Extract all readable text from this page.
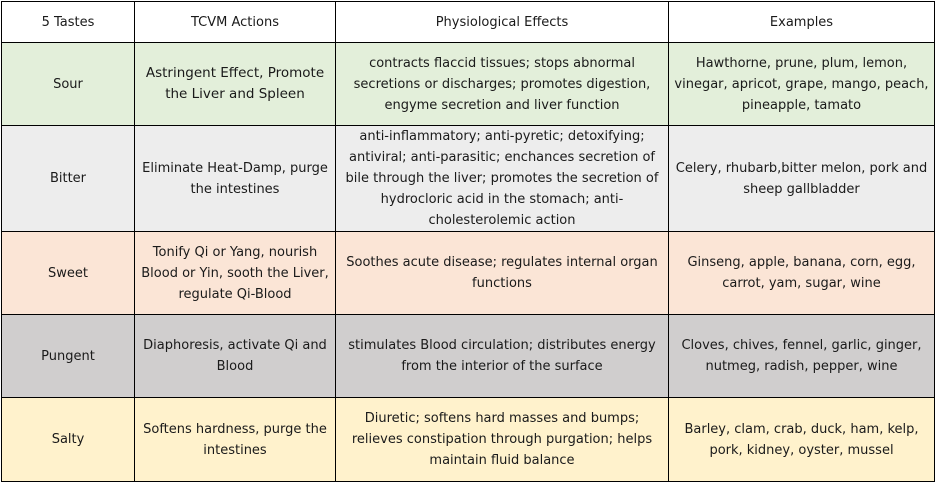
5 Tastes	TCVM Actions	Physiological Effects	Examples
Sour	Astringent Effect, Promote the Liver and Spleen	contracts flaccid tissues; stops abnormal secretions or discharges; promotes digestion, engyme secretion and liver function	Hawthorne, prune, plum, lemon, vinegar, apricot, grape, mango, peach, pineapple, tamato
Bitter	Eliminate Heat-Damp, purge the intestines	anti-inflammatory; anti-pyretic; detoxifying; antiviral; anti-parasitic; enchances secretion of bile through the liver; promotes the secretion of hydrocloric acid in the stomach; anti-cholesterolemic action	Celery, rhubarb,bitter melon, pork and sheep gallbladder
Sweet	Tonify Qi or Yang, nourish Blood or Yin, sooth the Liver, regulate Qi-Blood	Soothes acute disease; regulates internal organ functions	Ginseng, apple, banana, corn, egg, carrot, yam, sugar, wine
Pungent	Diaphoresis, activate Qi and Blood	stimulates Blood circulation; distributes energy from the interior of the surface	Cloves, chives, fennel, garlic, ginger, nutmeg, radish, pepper, wine
Salty	Softens hardness, purge the intestines	Diuretic; softens hard masses and bumps; relieves constipation through purgation; helps maintain fluid balance	Barley, clam, crab, duck, ham, kelp, pork, kidney, oyster, mussel
